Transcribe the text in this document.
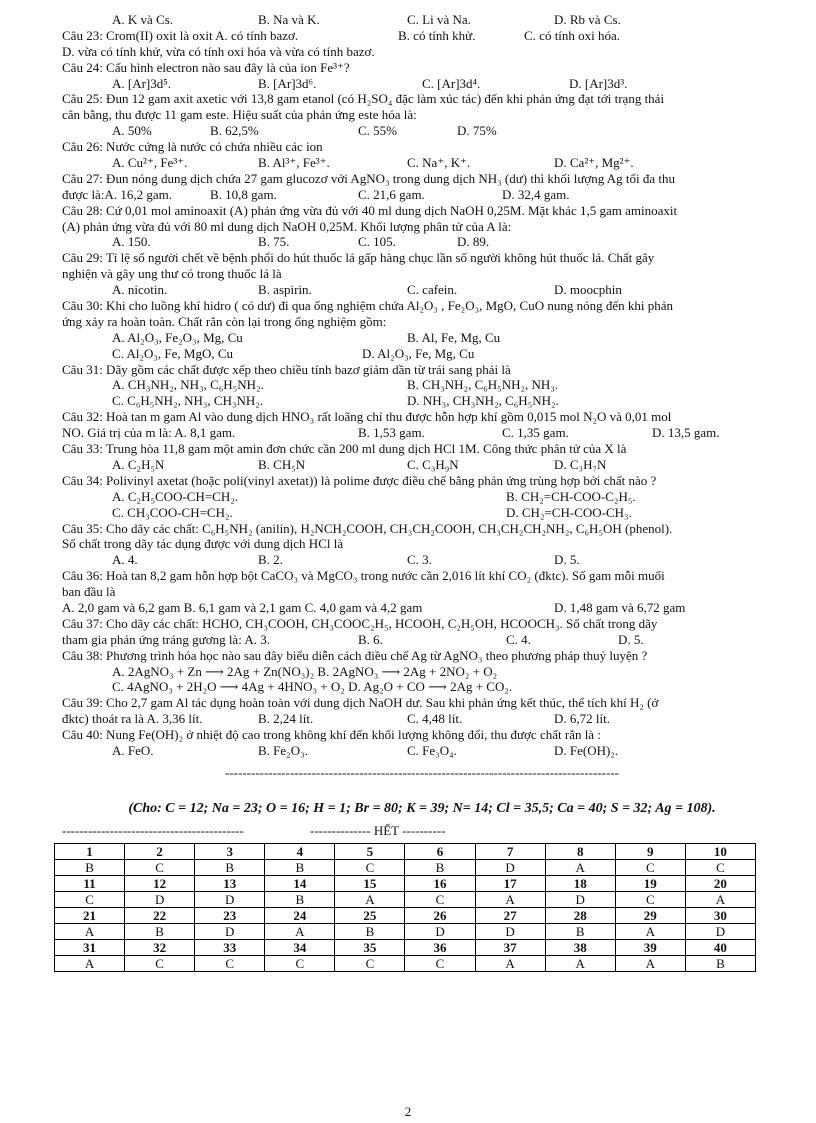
A. K và Cs.	B. Na và K.	C. Li và Na.	D. Rb và Cs.
Câu 23: Crom(II) oxit là oxit A. có tính bazơ.	B. có tính khử.	C. có tính oxi hóa.
D. vừa có tính khử, vừa có tính oxi hóa và vừa có tính bazơ.
Câu 24: Cấu hình electron nào sau đây là của ion Fe³⁺?
A. [Ar]3d⁵.	B. [Ar]3d⁶.	C. [Ar]3d⁴.	D. [Ar]3d³.
Câu 25: Đun 12 gam axit axetic với 13,8 gam etanol (có H₂SO₄ đặc làm xúc tác) đến khi phản ứng đạt tới trạng thái
cân bằng, thu được 11 gam este. Hiệu suất của phản ứng este hóa là:
A. 50%	B. 62,5%	C. 55%	D. 75%
Câu 26: Nước cứng là nước có chứa nhiều các ion
A. Cu²⁺, Fe³⁺.	B. Al³⁺, Fe³⁺.	C. Na⁺, K⁺.	D. Ca²⁺, Mg²⁺.
Câu 27: Đun nóng dung dịch chứa 27 gam glucozơ với AgNO₃ trong dung dịch NH₃ (dư) thì khối lượng Ag tối đa thu
được là:A. 16,2 gam.	B. 10,8 gam.	C. 21,6 gam.	D. 32,4 gam.
Câu 28: Cứ 0,01 mol aminoaxit (A) phản ứng vừa đủ với 40 ml dung dịch NaOH 0,25M. Mặt khác 1,5 gam aminoaxit
(A) phản ứng vừa đủ với 80 ml dung dịch NaOH 0,25M. Khối lượng phân tử của A là:
A. 150.	B. 75.	C. 105.	D. 89.
Câu 29: Tỉ lệ số người chết về bệnh phổi do hút thuốc lá gấp hàng chục lần số người không hút thuốc lá. Chất gây
nghiện và gây ung thư có trong thuốc lá là
A. nicotin.	B. aspirin.	C. cafein.	D. moocphin
Câu 30: Khi cho luồng khí hidro ( có dư) đi qua ống nghiệm chứa Al₂O₃ , Fe₂O₃, MgO, CuO nung nóng đến khi phản
ứng xảy ra hoàn toàn. Chất rắn còn lại trong ống nghiệm gồm:
A. Al₂O₃, Fe₂O₃, Mg, Cu	B. Al, Fe, Mg, Cu
C. Al₂O₃, Fe, MgO, Cu	D. Al₂O₃, Fe, Mg, Cu
Câu 31: Dãy gồm các chất được xếp theo chiều tính bazơ giảm dần từ trái sang phải là
A. CH₃NH₂, NH₃, C₆H₅NH₂.	B. CH₃NH₂, C₆H₅NH₂, NH₃.
C. C₆H₅NH₂, NH₃, CH₃NH₂.	D. NH₃, CH₃NH₂, C₆H₅NH₂.
Câu 32: Hoà tan m gam Al vào dung dịch HNO₃ rất loãng chỉ thu được hỗn hợp khí gồm 0,015 mol N₂O và 0,01 mol
NO. Giá trị của m là: A. 8,1 gam.	B. 1,53 gam.	C. 1,35 gam.	D. 13,5 gam.
Câu 33: Trung hòa 11,8 gam một amin đơn chức cần 200 ml dung dịch HCl 1M. Công thức phân tử của X là
A. C₂H₅N	B. CH₅N	C. C₃H₉N	D. C₃H₇N
Câu 34: Polivinyl axetat (hoặc poli(vinyl axetat)) là polime được điều chế bằng phản ứng trùng hợp bởi chất nào ?
A. C₂H₅COO-CH=CH₂.	B. CH₂=CH-COO-C₂H₅.
C. CH₃COO-CH=CH₂.	D. CH₂=CH-COO-CH₃.
Câu 35: Cho dãy các chất: C₆H₅NH₂ (anilin), H₂NCH₂COOH, CH₃CH₂COOH, CH₃CH₂CH₂NH₂, C₆H₅OH (phenol).
Số chất trong dãy tác dụng được với dung dịch HCl là
A. 4.	B. 2.	C. 3.	D. 5.
Câu 36: Hoà tan 8,2 gam hỗn hợp bột CaCO₃ và MgCO₃ trong nước cần 2,016 lít khí CO₂ (đktc). Số gam mỗi muối
ban đầu là
A. 2,0 gam và 6,2 gam B. 6,1 gam và 2,1 gam C. 4,0 gam và 4,2 gam	D. 1,48 gam và 6,72 gam
Câu 37: Cho dãy các chất: HCHO, CH₃COOH, CH₃COOC₂H₅, HCOOH, C₂H₅OH, HCOOCH₃. Số chất trong dãy
tham gia phản ứng tráng gương là: A. 3.	B. 6.	C. 4.	D. 5.
Câu 38: Phương trình hóa học nào sau đây biểu diễn cách điều chế Ag từ AgNO₃ theo phương pháp thuỷ luyện ?
A. 2AgNO₃ + Zn ⟶ 2Ag + Zn(NO₃)₂ B. 2AgNO₃ ⟶ 2Ag + 2NO₂ + O₂
C. 4AgNO₃ + 2H₂O ⟶ 4Ag + 4HNO₃ + O₂ D. Ag₂O + CO ⟶ 2Ag + CO₂.
Câu 39: Cho 2,7 gam Al tác dụng hoàn toàn với dung dịch NaOH dư. Sau khi phản ứng kết thúc, thể tích khí H₂ (ở
đktc) thoát ra là A. 3,36 lít.	B. 2,24 lít.	C. 4,48 lít.	D. 6,72 lít.
Câu 40: Nung Fe(OH)₂ ở nhiệt độ cao trong không khí đến khối lượng không đổi, thu được chất rắn là :
A. FeO.	B. Fe₂O₃.	C. Fe₃O₄.	D. Fe(OH)₂.
-------------------------------------------------------------------------------------------
(Cho: C = 12; Na = 23; O = 16; H = 1; Br = 80; K = 39; N= 14; Cl = 35,5; Ca = 40; S = 32; Ag = 108).
------------------------------------------	-------------- HẾT ----------
1	2	3	4	5	6	7	8	9	10
B	C	B	B	C	B	D	A	C	C
11	12	13	14	15	16	17	18	19	20
C	D	D	B	A	C	A	D	C	A
21	22	23	24	25	26	27	28	29	30
A	B	D	A	B	D	D	B	A	D
31	32	33	34	35	36	37	38	39	40
A	C	C	C	C	C	A	A	A	B
2
